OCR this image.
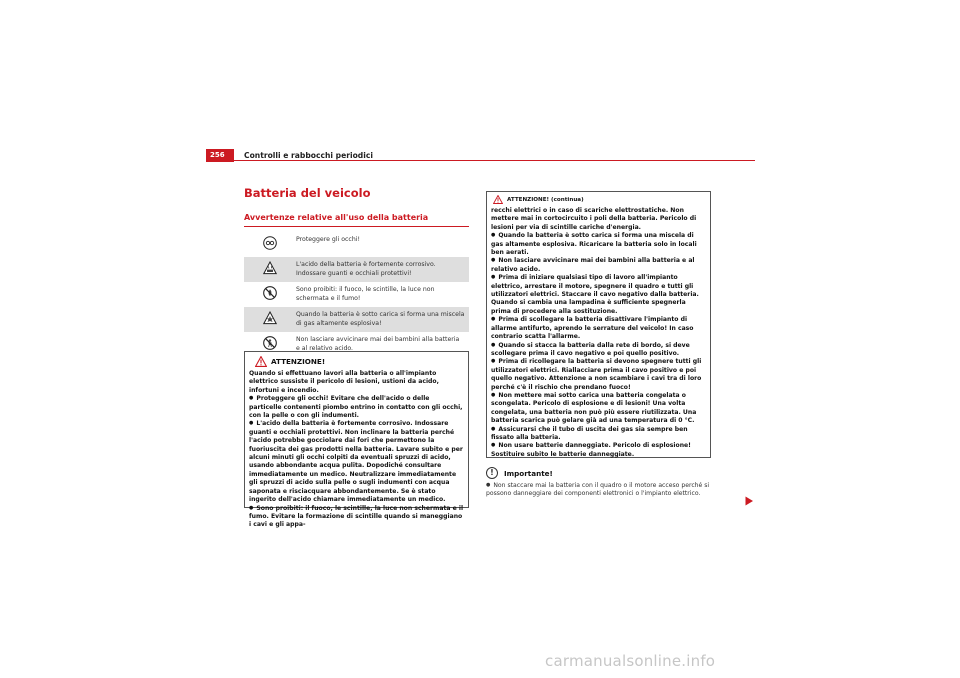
256	Controlli e rabbocchi periodici
Batteria del veicolo
Avvertenze relative all'uso della batteria
Proteggere gli occhi!
L'acido della batteria è fortemente corrosivo. Indossare guanti e occhiali protettivi!
Sono proibiti: il fuoco, le scintille, la luce non schermata e il fumo!
Quando la batteria è sotto carica si forma una miscela di gas altamente esplosiva!
Non lasciare avvicinare mai dei bambini alla batteria e al relativo acido.
ATTENZIONE!

Quando si effettuano lavori alla batteria o all'impianto elettrico sussiste il pericolo di lesioni, ustioni da acido, infortuni e incendio.

● Proteggere gli occhi! Evitare che dell'acido o delle particelle contenenti piombo entrino in contatto con gli occhi, con la pelle o con gli indumenti.

● L'acido della batteria è fortemente corrosivo. Indossare guanti e occhiali protettivi. Non inclinare la batteria perché l'acido potrebbe gocciolare dai fori che permettono la fuoriuscita dei gas prodotti nella batteria. Lavare subito e per alcuni minuti gli occhi colpiti da eventuali spruzzi di acido, usando abbondante acqua pulita. Dopodiché consultare immediatamente un medico. Neutralizzare immediatamente gli spruzzi di acido sulla pelle o sugli indumenti con acqua saponata e risciacquare abbondantemente. Se è stato ingerito dell'acido chiamare immediatamente un medico.

● Sono proibiti: il fuoco, le scintille, la luce non schermata e il fumo. Evitare la formazione di scintille quando si maneggiano i cavi e gli appa-

ATTENZIONE! (continua)

recchi elettrici o in caso di scariche elettrostatiche. Non mettere mai in cortocircuito i poli della batteria. Pericolo di lesioni per via di scintille cariche d'energia.

● Quando la batteria è sotto carica si forma una miscela di gas altamente esplosiva. Ricaricare la batteria solo in locali ben aerati.

● Non lasciare avvicinare mai dei bambini alla batteria e al relativo acido.

● Prima di iniziare qualsiasi tipo di lavoro all'impianto elettrico, arrestare il motore, spegnere il quadro e tutti gli utilizzatori elettrici. Staccare il cavo negativo dalla batteria. Quando si cambia una lampadina è sufficiente spegnerla prima di procedere alla sostituzione.

● Prima di scollegare la batteria disattivare l'impianto di allarme antifurto, aprendo le serrature del veicolo! In caso contrario scatta l'allarme.

● Quando si stacca la batteria dalla rete di bordo, si deve scollegare prima il cavo negativo e poi quello positivo.

● Prima di ricollegare la batteria si devono spegnere tutti gli utilizzatori elettrici. Riallacciare prima il cavo positivo e poi quello negativo. Attenzione a non scambiare i cavi tra di loro perché c'è il rischio che prendano fuoco!

● Non mettere mai sotto carica una batteria congelata o scongelata. Pericolo di esplosione e di lesioni! Una volta congelata, una batteria non può più essere riutilizzata. Una batteria scarica può gelare già ad una temperatura di 0 °C.

● Assicurarsi che il tubo di uscita dei gas sia sempre ben fissato alla batteria.

● Non usare batterie danneggiate. Pericolo di esplosione! Sostituire subito le batterie danneggiate.

!	Importante!
● Non staccare mai la batteria con il quadro o il motore acceso perché si possono danneggiare dei componenti elettronici o l'impianto elettrico.
carmanualsonline.info
